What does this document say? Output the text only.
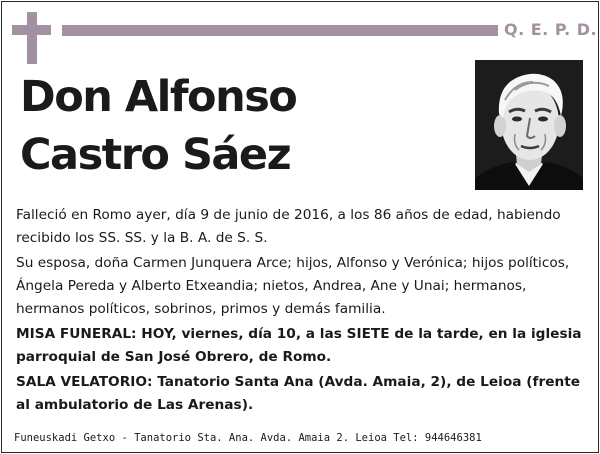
Q. E. P. D.
Don Alfonso
Castro Sáez

Falleció en Romo ayer, día 9 de junio de 2016, a los 86 años de edad, habiendo recibido los SS. SS. y la B. A. de S. S.

Su esposa, doña Carmen Junquera Arce; hijos, Alfonso y Verónica; hijos políticos, Ángela Pereda y Alberto Etxeandia; nietos, Andrea, Ane y Unai; hermanos, hermanos políticos, sobrinos, primos y demás familia.

MISA FUNERAL: HOY, viernes, día 10, a las SIETE de la tarde, en la iglesia parroquial de San José Obrero, de Romo.

SALA VELATORIO: Tanatorio Santa Ana (Avda. Amaia, 2), de Leioa (frente al ambulatorio de Las Arenas).

Funeuskadi Getxo - Tanatorio Sta. Ana. Avda. Amaia 2. Leioa Tel: 944646381
